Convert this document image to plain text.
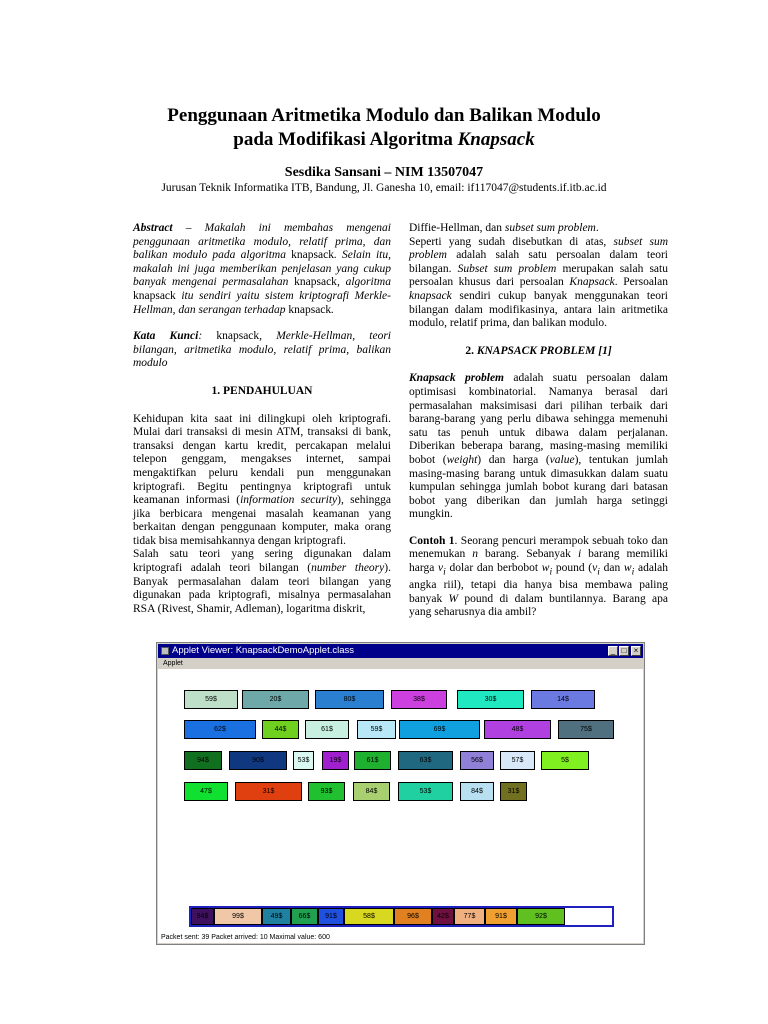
Penggunaan Aritmetika Modulo dan Balikan Modulo
pada Modifikasi Algoritma Knapsack
Sesdika Sansani – NIM 13507047
Jurusan Teknik Informatika ITB, Bandung, Jl. Ganesha 10, email: if117047@students.if.itb.ac.id

Abstract – Makalah ini membahas mengenai penggunaan aritmetika modulo, relatif prima, dan balikan modulo pada algoritma knapsack. Selain itu, makalah ini juga memberikan penjelasan yang cukup banyak mengenai permasalahan knapsack, algoritma knapsack itu sendiri yaitu sistem kriptografi Merkle-Hellman, dan serangan terhadap knapsack.

Kata Kunci: knapsack, Merkle-Hellman, teori bilangan, aritmetika modulo, relatif prima, balikan modulo

1. PENDAHULUAN

Kehidupan kita saat ini dilingkupi oleh kriptografi. Mulai dari transaksi di mesin ATM, transaksi di bank, transaksi dengan kartu kredit, percakapan melalui telepon genggam, mengakses internet, sampai mengaktifkan peluru kendali pun menggunakan kriptografi. Begitu pentingnya kriptografi untuk keamanan informasi (information security), sehingga jika berbicara mengenai masalah keamanan yang berkaitan dengan penggunaan komputer, maka orang tidak bisa memisahkannya dengan kriptografi.

Salah satu teori yang sering digunakan dalam kriptografi adalah teori bilangan (number theory). Banyak permasalahan dalam teori bilangan yang digunakan pada kriptografi, misalnya permasalahan RSA (Rivest, Shamir, Adleman), logaritma diskrit,

Diffie-Hellman, dan subset sum problem.

Seperti yang sudah disebutkan di atas, subset sum problem adalah salah satu persoalan dalam teori bilangan. Subset sum problem merupakan salah satu persoalan khusus dari persoalan Knapsack. Persoalan knapsack sendiri cukup banyak menggunakan teori bilangan dalam modifikasinya, antara lain aritmetika modulo, relatif prima, dan balikan modulo.

2. KNAPSACK PROBLEM [1]

Knapsack problem adalah suatu persoalan dalam optimisasi kombinatorial. Namanya berasal dari permasalahan maksimisasi dari pilihan terbaik dari barang-barang yang perlu dibawa sehingga memenuhi satu tas penuh untuk dibawa dalam perjalanan. Diberikan beberapa barang, masing-masing memiliki bobot (weight) dan harga (value), tentukan jumlah masing-masing barang untuk dimasukkan dalam suatu kumpulan sehingga jumlah bobot kurang dari batasan bobot yang diberikan dan jumlah harga setinggi mungkin.

Contoh 1. Seorang pencuri merampok sebuah toko dan menemukan n barang. Sebanyak i barang memiliki harga $v_i$ dolar dan berbobot $w_i$ pound ($v_i$ dan $w_i$ adalah angka riil), tetapi dia hanya bisa membawa paling banyak W pound di dalam buntilannya. Barang apa yang seharusnya dia ambil?

Applet Viewer: KnapsackDemoApplet.class	_ □ ×
Applet
94$	99$	49$	66$	91$	58$	96$	42$	77$	91$	92$
Packet sent: 39 Packet arrived: 10 Maximal value: 600
59$	20$	80$	38$	30$	14$
62$	44$	61$	59$	69$	48$	75$
94$	90$	53$	19$	61$	63$	56$	57$	5$
47$	31$	93$	84$	53$	84$	31$
